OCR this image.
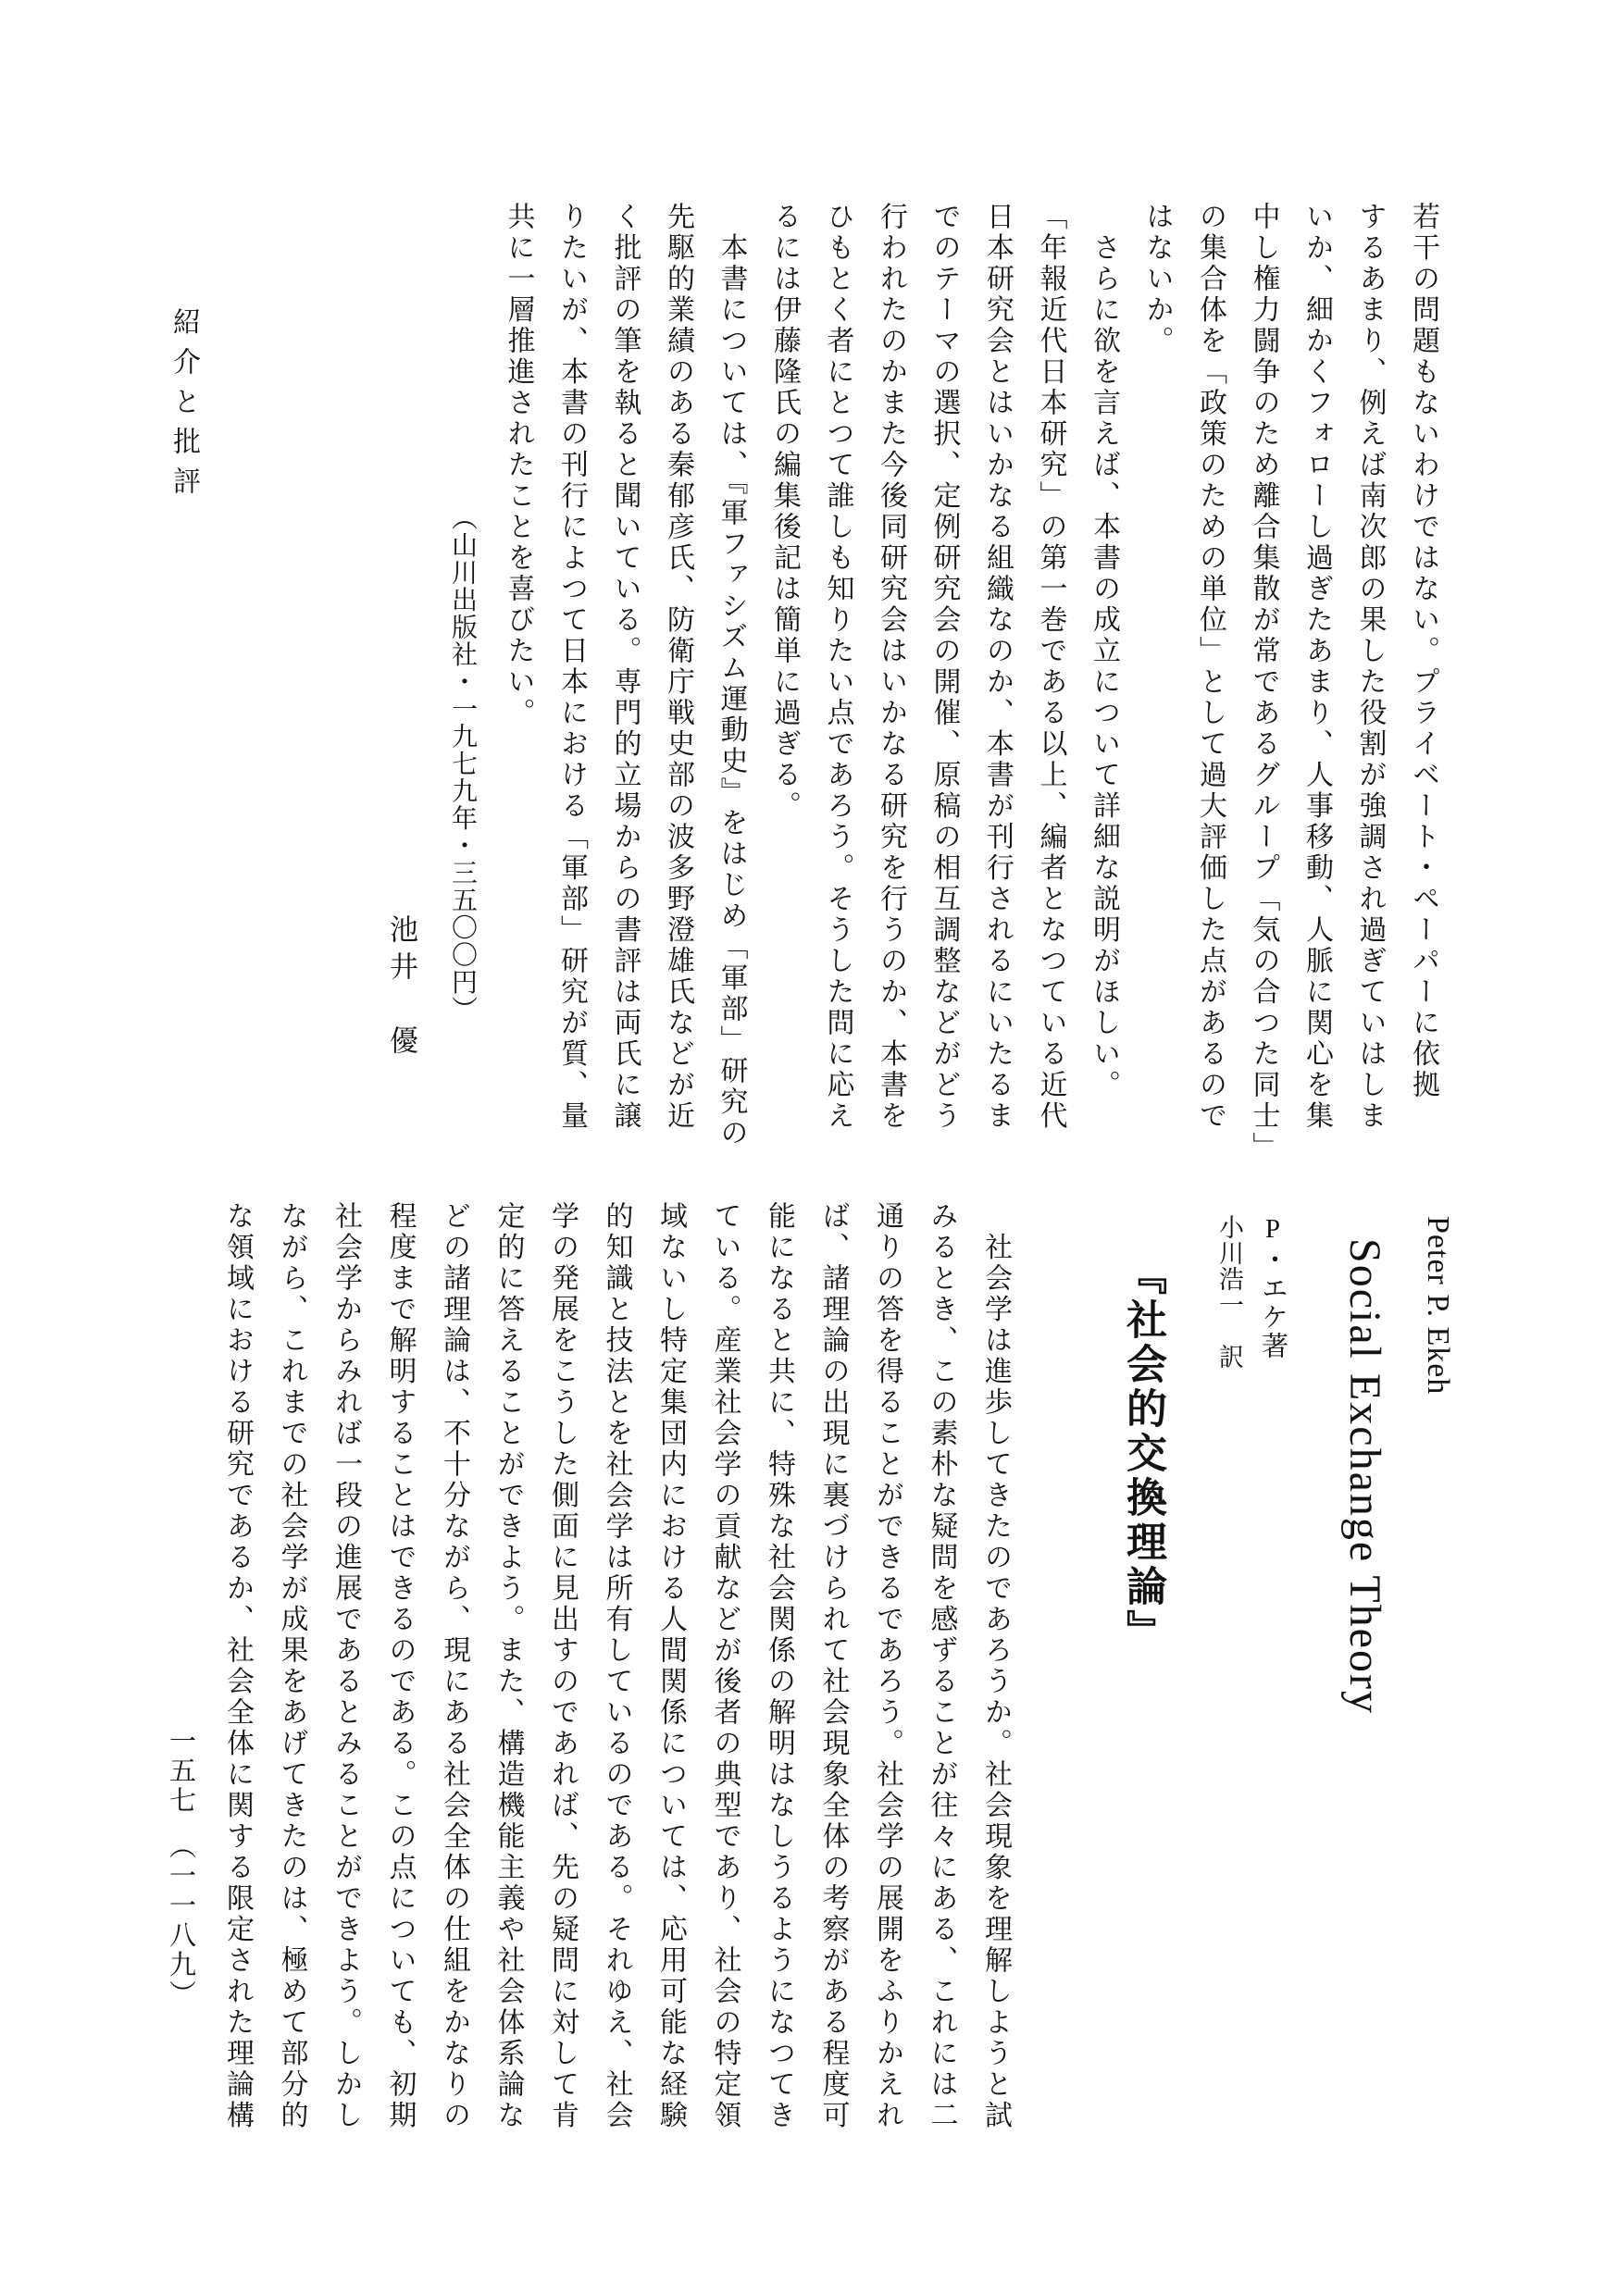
紹介と批評	若干の問題もないわけではない。プライベート・ペーパーに依拠
するあまり、例えば南次郎の果した役割が強調され過ぎていはしま
いか、細かくフォローし過ぎたあまり、人事移動、人脈に関心を集
中し権力闘争のため離合集散が常であるグループ「気の合つた同士」
の集合体を「政策のための単位」として過大評価した点があるので
はないか。
　さらに欲を言えば、本書の成立について詳細な説明がほしい。
「年報近代日本研究」の第一巻である以上、編者となつている近代
日本研究会とはいかなる組織なのか、本書が刊行されるにいたるま
でのテーマの選択、定例研究会の開催、原稿の相互調整などがどう
行われたのかまた今後同研究会はいかなる研究を行うのか、本書を
ひもとく者にとつて誰しも知りたい点であろう。そうした問に応え
るには伊藤隆氏の編集後記は簡単に過ぎる。
　本書については、『軍ファシズム運動史』をはじめ「軍部」研究の
先駆的業績のある秦郁彦氏、防衛庁戦史部の波多野澄雄氏などが近
く批評の筆を執ると聞いている。専門的立場からの書評は両氏に譲
りたいが、本書の刊行によつて日本における「軍部」研究が質、量
共に一層推進されたことを喜びたい。
（山川出版社・一九七九年・三五〇〇円）
池井　優
Peter P. Ekeh
Social Exchange Theory
『社会的交換理論』	P・エケ著
小川浩一　訳
　社会学は進歩してきたのであろうか。社会現象を理解しようと試
みるとき、この素朴な疑問を感ずることが往々にある、これには二
通りの答を得ることができるであろう。社会学の展開をふりかえれ
ば、諸理論の出現に裏づけられて社会現象全体の考察がある程度可
能になると共に、特殊な社会関係の解明はなしうるようになつてき
ている。産業社会学の貢献などが後者の典型であり、社会の特定領
域ないし特定集団内における人間関係については、応用可能な経験
的知識と技法とを社会学は所有しているのである。それゆえ、社会
学の発展をこうした側面に見出すのであれば、先の疑問に対して肯
定的に答えることができよう。また、構造機能主義や社会体系論な
どの諸理論は、不十分ながら、現にある社会全体の仕組をかなりの
程度まで解明することはできるのである。この点についても、初期
社会学からみれば一段の進展であるとみることができよう。しかし
ながら、これまでの社会学が成果をあげてきたのは、極めて部分的
な領域における研究であるか、社会全体に関する限定された理論構
一五七　（一一八九）
